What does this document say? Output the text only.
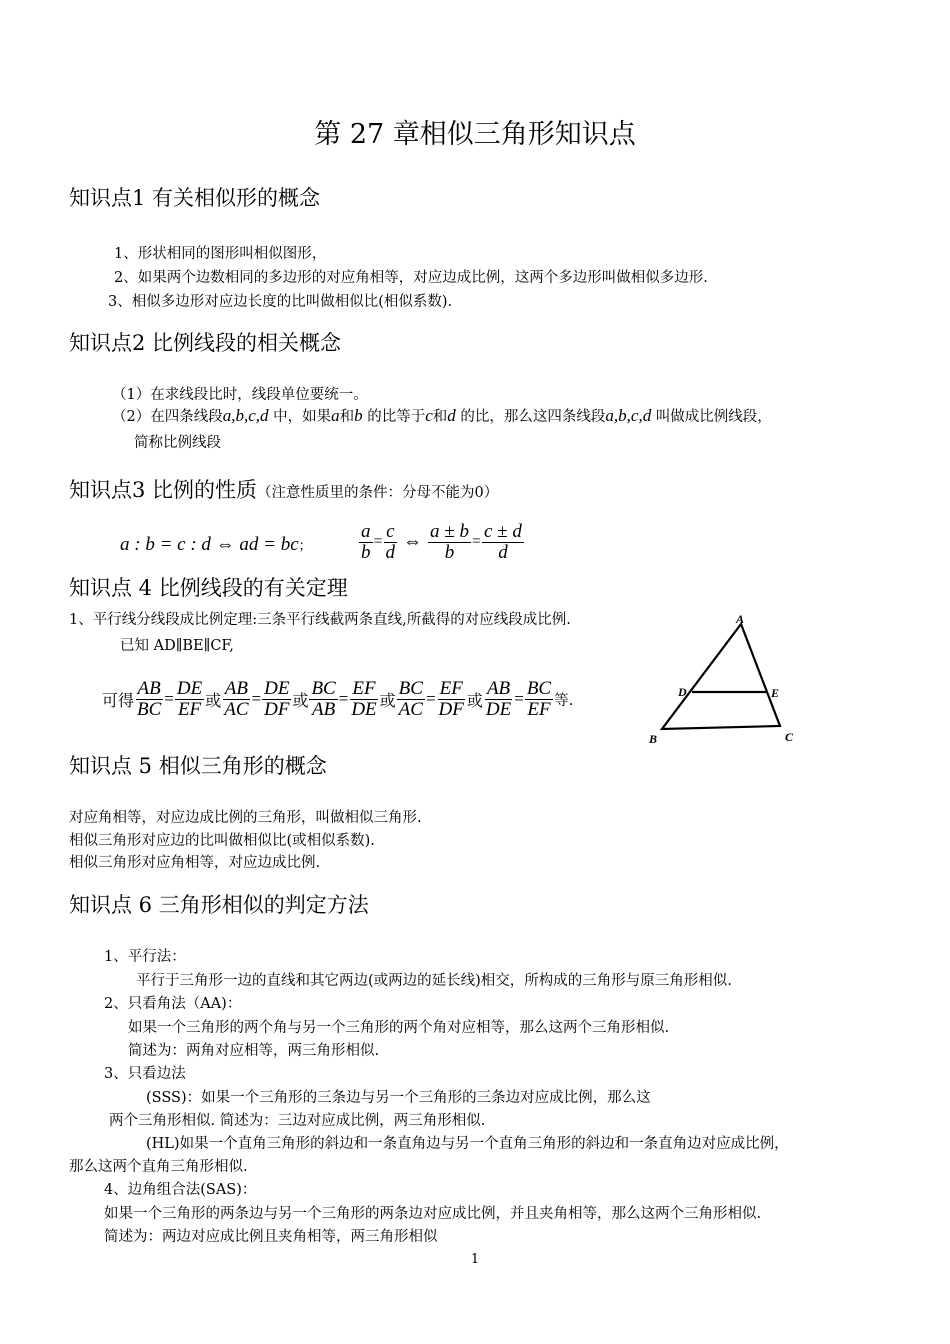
第 27 章相似三角形知识点
知识点1 有关相似形的概念
1、形状相同的图形叫相似图形，
2、如果两个边数相同的多边形的对应角相等，对应边成比例，这两个多边形叫做相似多边形.
3、相似多边形对应边长度的比叫做相似比(相似系数).
知识点2 比例线段的相关概念
（1）在求线段比时，线段单位要统一。
（2）在四条线段a,b,c,d 中，如果a和b 的比等于c和d 的比，那么这四条线段a,b,c,d 叫做成比例线段，
简称比例线段
知识点3 比例的性质（注意性质里的条件：分母不能为0）
a : b = c : d ⇔ ad = bc； $\frac{a}{b} = \frac{c}{d}$ ⇔ $\frac{a \pm b}{b} = \frac{c \pm d}{d}$
知识点 4 比例线段的有关定理
1、平行线分线段成比例定理:三条平行线截两条直线,所截得的对应线段成比例.
已知 AD∥BE∥CF,
可得 $\frac{AB}{BC} = \frac{DE}{EF}$ 或 $\frac{AB}{AC} = \frac{DE}{DF}$ 或 $\frac{BC}{AB} = \frac{EF}{DE}$ 或 $\frac{BC}{AC} = \frac{EF}{DF}$ 或 $\frac{AB}{DE} = \frac{BC}{EF}$ 等.
A
D	E
B	C
知识点 5 相似三角形的概念
对应角相等，对应边成比例的三角形，叫做相似三角形.
相似三角形对应边的比叫做相似比(或相似系数).
相似三角形对应角相等，对应边成比例.
知识点 6 三角形相似的判定方法
1、平行法：
平行于三角形一边的直线和其它两边(或两边的延长线)相交，所构成的三角形与原三角形相似.
2、只看角法（AA)：
如果一个三角形的两个角与另一个三角形的两个角对应相等，那么这两个三角形相似.
简述为：两角对应相等，两三角形相似.
3、只看边法
(SSS)：如果一个三角形的三条边与另一个三角形的三条边对应成比例，那么这
两个三角形相似. 简述为：三边对应成比例，两三角形相似.
(HL)如果一个直角三角形的斜边和一条直角边与另一个直角三角形的斜边和一条直角边对应成比例，
那么这两个直角三角形相似.
4、边角组合法(SAS)：
如果一个三角形的两条边与另一个三角形的两条边对应成比例，并且夹角相等，那么这两个三角形相似.
简述为：两边对应成比例且夹角相等，两三角形相似
1
